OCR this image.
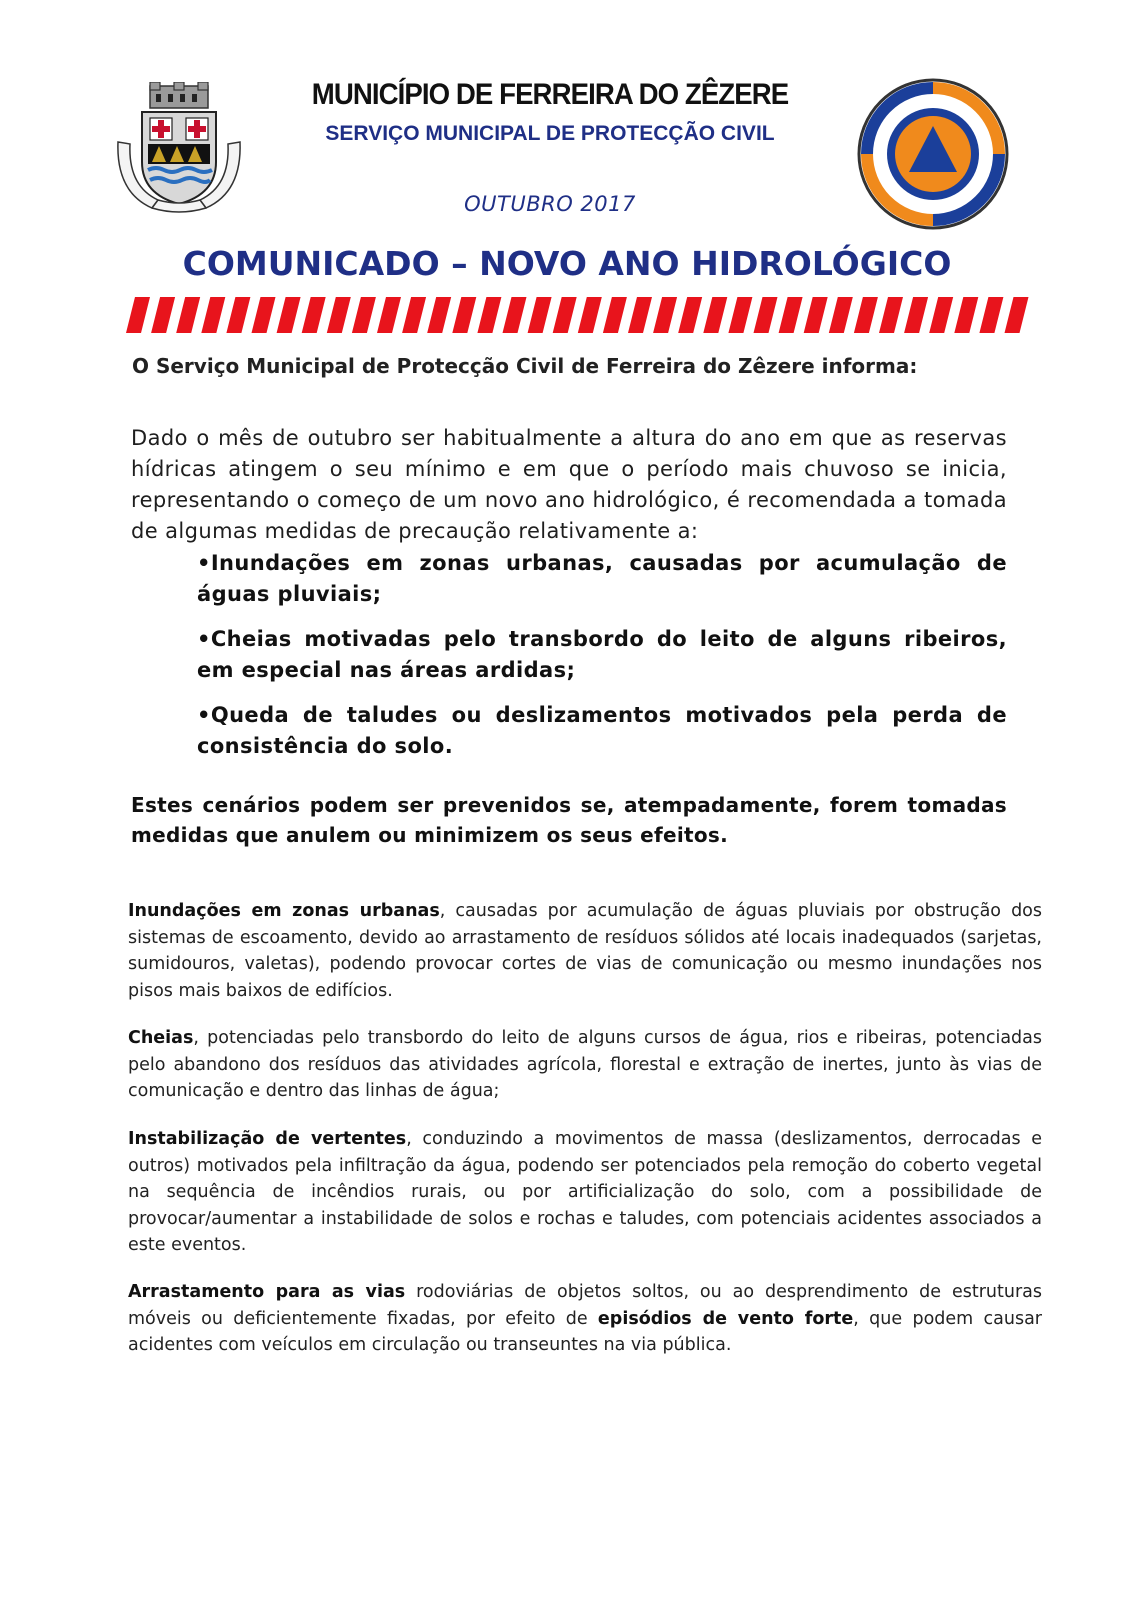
MUNICÍPIO DE FERREIRA DO ZÊZERE
SERVIÇO MUNICIPAL DE PROTECÇÃO CIVIL
OUTUBRO 2017
COMUNICADO – NOVO ANO HIDROLÓGICO
O Serviço Municipal de Protecção Civil de Ferreira do Zêzere informa:
Dado o mês de outubro ser habitualmente a altura do ano em que as reservas hídricas atingem o seu mínimo e em que o período mais chuvoso se inicia, representando o começo de um novo ano hidrológico, é recomendada a tomada de algumas medidas de precaução relativamente a:
•Inundações em zonas urbanas, causadas por acumulação de águas pluviais;
•Cheias motivadas pelo transbordo do leito de alguns ribeiros, em especial nas áreas ardidas;
•Queda de taludes ou deslizamentos motivados pela perda de consistência do solo.
Estes cenários podem ser prevenidos se, atempadamente, forem tomadas medidas que anulem ou minimizem os seus efeitos.
Inundações em zonas urbanas, causadas por acumulação de águas pluviais por obstrução dos sistemas de escoamento, devido ao arrastamento de resíduos sólidos até locais inadequados (sarjetas, sumidouros, valetas), podendo provocar cortes de vias de comunicação ou mesmo inundações nos pisos mais baixos de edifícios.
Cheias, potenciadas pelo transbordo do leito de alguns cursos de água, rios e ribeiras, potenciadas pelo abandono dos resíduos das atividades agrícola, florestal e extração de inertes, junto às vias de comunicação e dentro das linhas de água;
Instabilização de vertentes, conduzindo a movimentos de massa (deslizamentos, derrocadas e outros) motivados pela infiltração da água, podendo ser potenciados pela remoção do coberto vegetal na sequência de incêndios rurais, ou por artificialização do solo, com a possibilidade de provocar/aumentar a instabilidade de solos e rochas e taludes, com potenciais acidentes associados a este eventos.
Arrastamento para as vias rodoviárias de objetos soltos, ou ao desprendimento de estruturas móveis ou deficientemente fixadas, por efeito de episódios de vento forte, que podem causar acidentes com veículos em circulação ou transeuntes na via pública.
